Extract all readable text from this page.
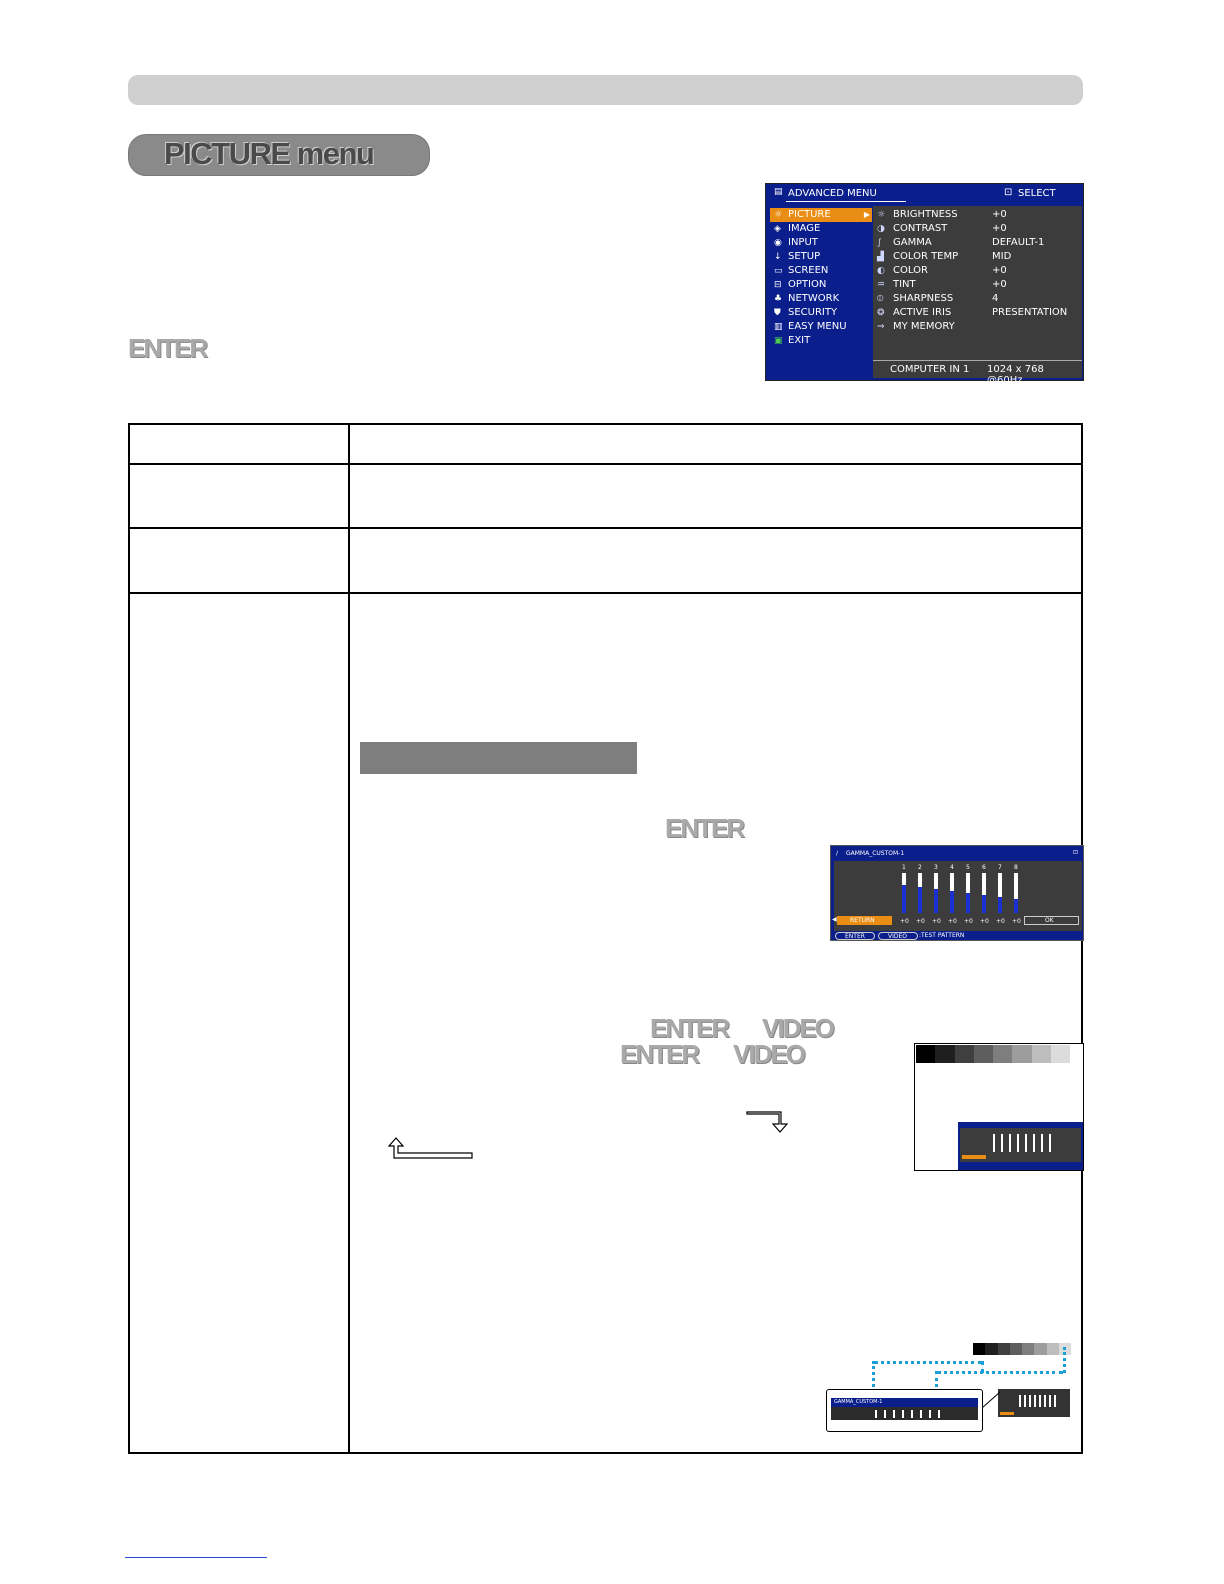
PICTURE menu
ENTER
▤ ADVANCED MENU	⊡ SELECT
☼ PICTURE	▶
◈ IMAGE
◉ INPUT
↓ SETUP
▭ SCREEN
⊟ OPTION
♣ NETWORK
⛊ SECURITY
▥ EASY MENU
▣ EXIT
☼ BRIGHTNESS	+0
◑ CONTRAST	+0
∫ GAMMA	DEFAULT-1
▟ COLOR TEMP	MID
◐ COLOR	+0
♒ TINT	+0
⦶ SHARPNESS	4
❂ ACTIVE IRIS	PRESENTATION
⇒ MY MEMORY
COMPUTER IN 1 1024 x 768 @60Hz
ENTER
∕ GAMMA_CUSTOM-1	⊡
1
+0
2
+0
3
+0
4
+0
5
+0
6
+0
7
+0
8
+0
RETURN
◀	OK
ENTER	VIDEO :TEST PATTERN
ENTER VIDEO
ENTER VIDEO
GAMMA_CUSTOM-1
